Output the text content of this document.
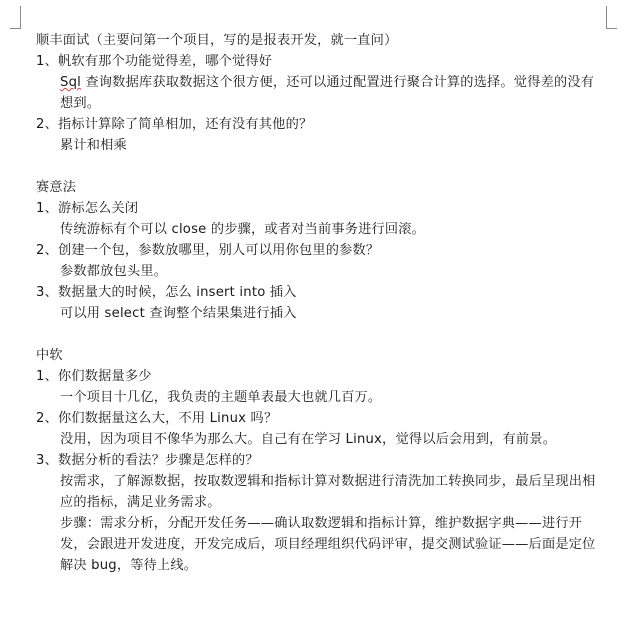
顺丰面试（主要问第一个项目，写的是报表开发，就一直问）
1、帆软有那个功能觉得差，哪个觉得好
Sql 查询数据库获取数据这个很方便，还可以通过配置进行聚合计算的选择。觉得差的没有想到。
2、指标计算除了简单相加，还有没有其他的？
累计和相乘
赛意法
1、游标怎么关闭
传统游标有个可以 close 的步骤，或者对当前事务进行回滚。
2、创建一个包，参数放哪里，别人可以用你包里的参数？
参数都放包头里。
3、数据量大的时候，怎么 insert into 插入
可以用 select 查询整个结果集进行插入
中软
1、你们数据量多少
一个项目十几亿，我负责的主题单表最大也就几百万。
2、你们数据量这么大，不用 Linux 吗？
没用，因为项目不像华为那么大。自己有在学习 Linux，觉得以后会用到，有前景。
3、数据分析的看法？步骤是怎样的？
按需求，了解源数据，按取数逻辑和指标计算对数据进行清洗加工转换同步，最后呈现出相应的指标，满足业务需求。
步骤：需求分析，分配开发任务——确认取数逻辑和指标计算，维护数据字典——进行开发，会跟进开发进度，开发完成后，项目经理组织代码评审，提交测试验证——后面是定位解决 bug，等待上线。
